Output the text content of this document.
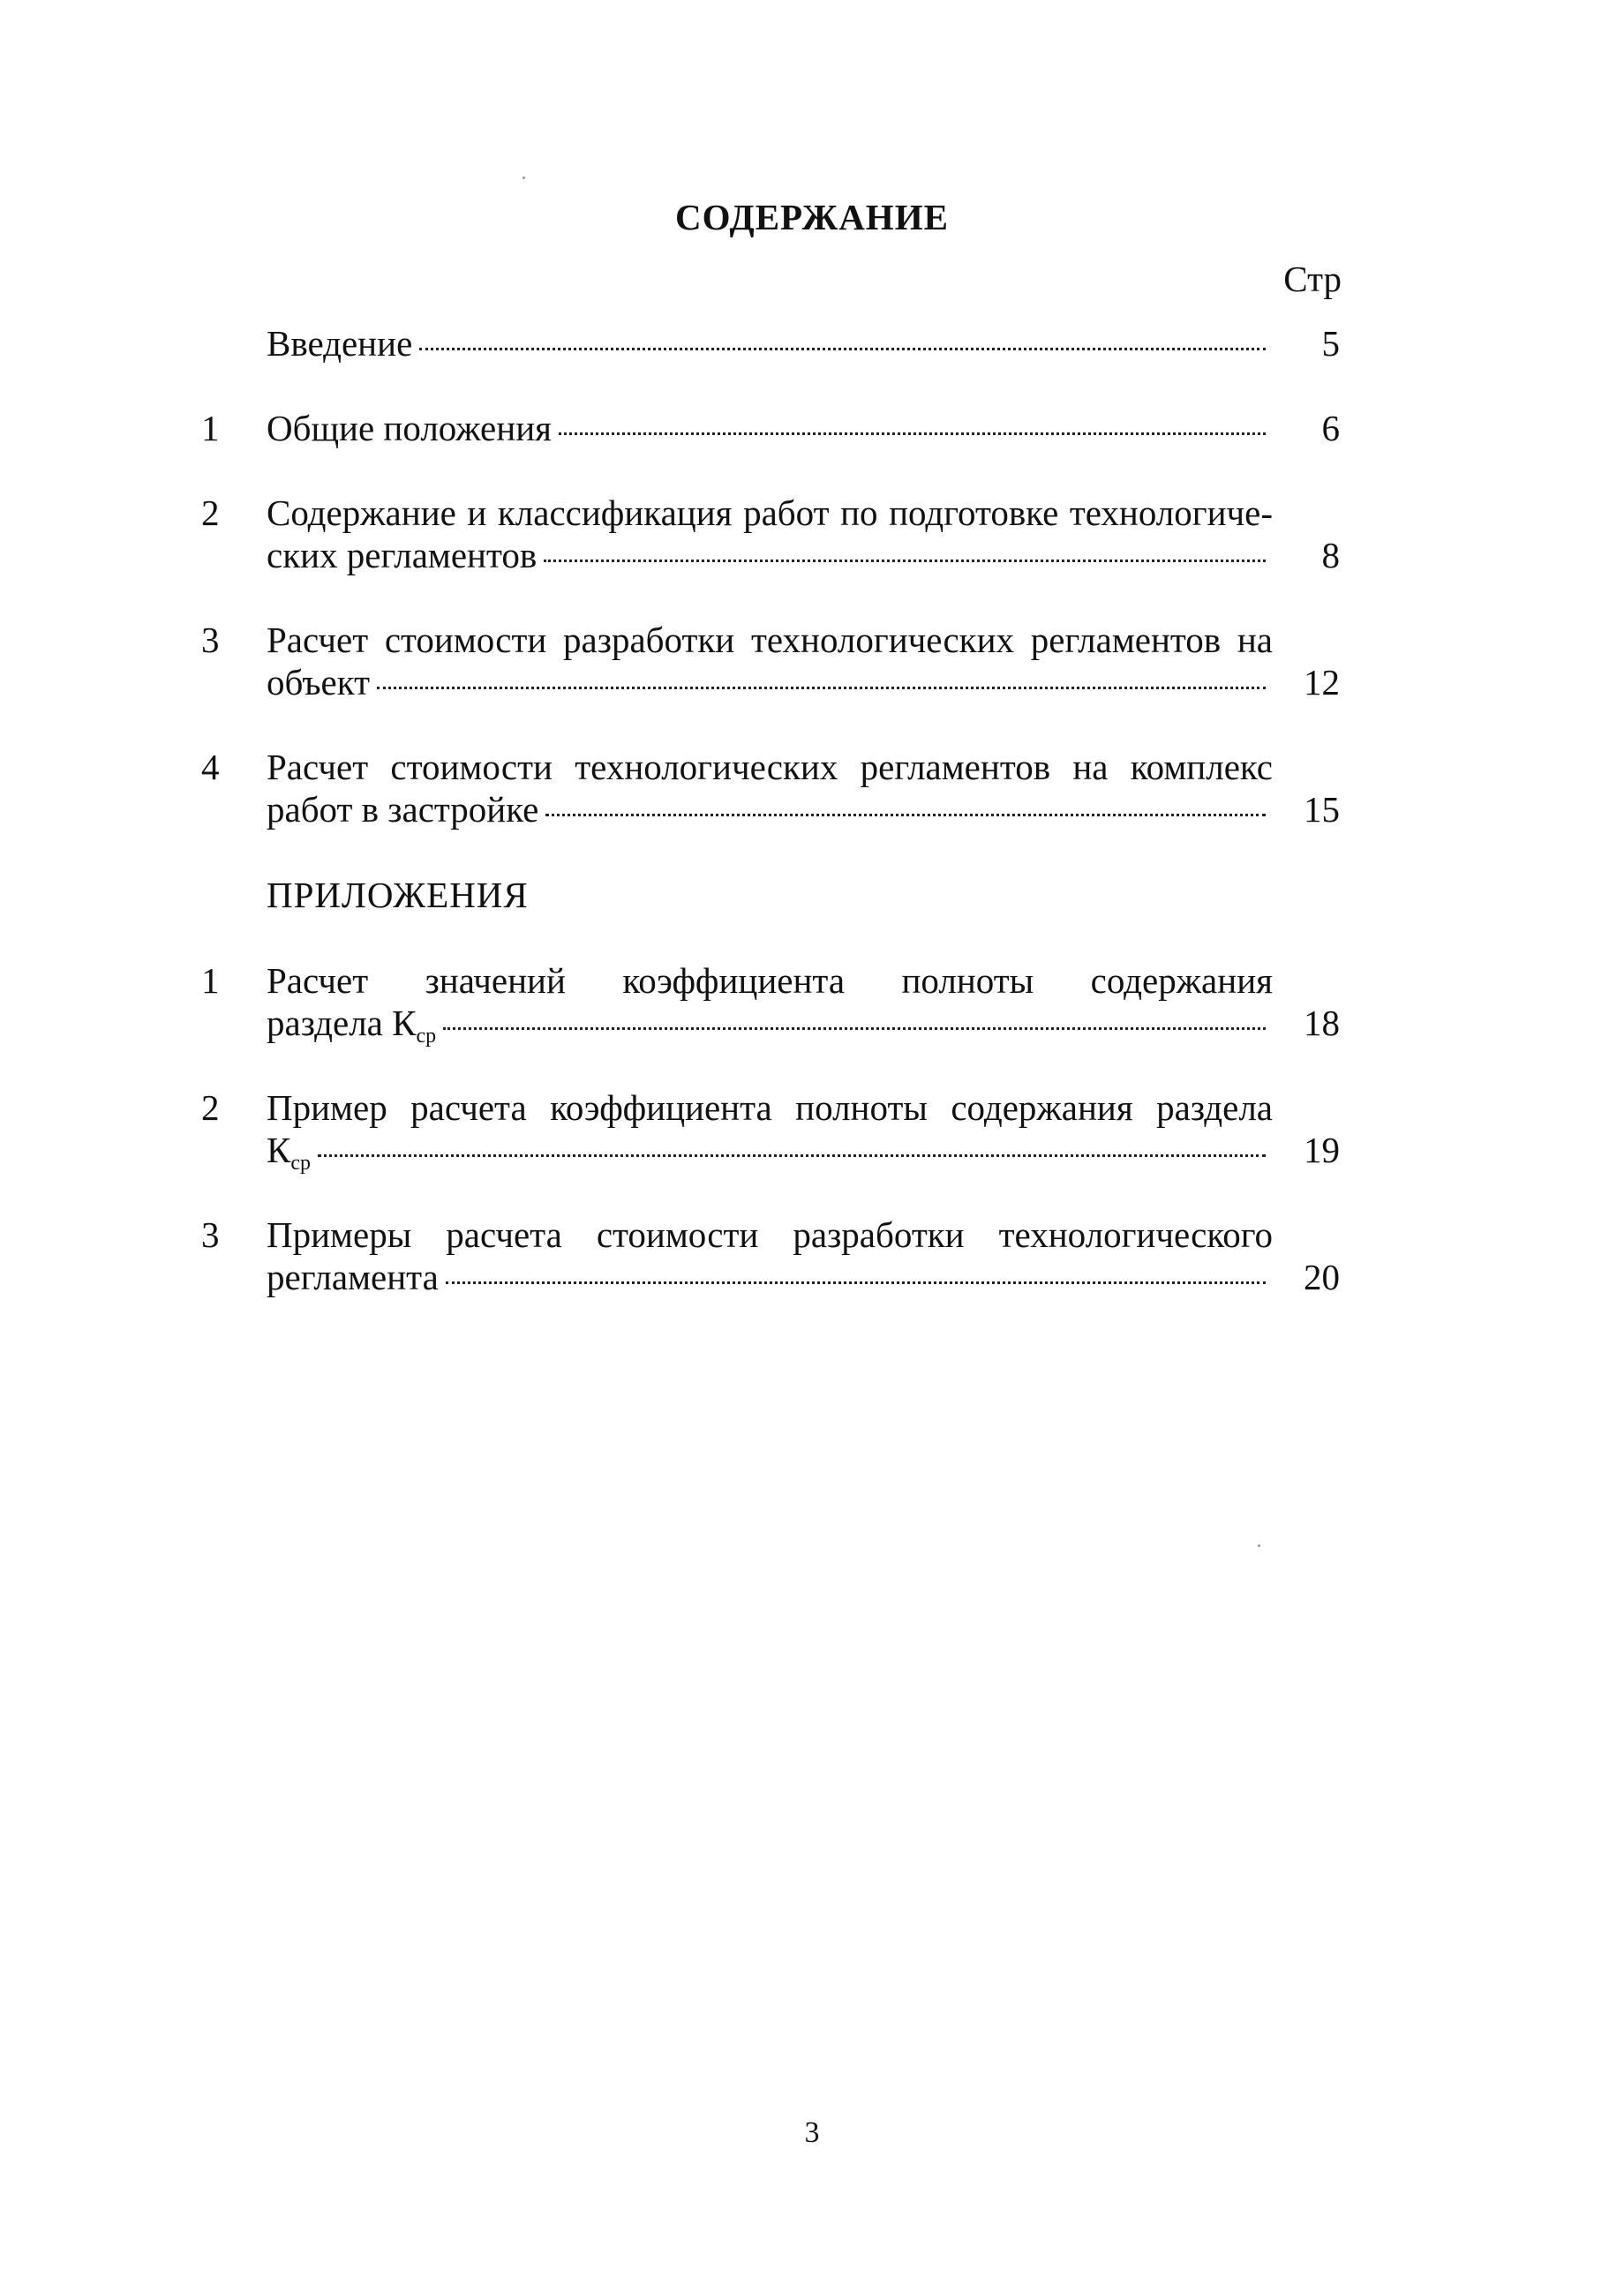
СОДЕРЖАНИЕ
Стр
Введение	5
1	Общие положения	6
2	Содержание и классификация работ по подготовке технологиче-
ских регламентов	8
3	Расчет стоимости разработки технологических регламентов на
объект	12
4	Расчет стоимости технологических регламентов на комплекс
работ в застройке	15
ПРИЛОЖЕНИЯ
1	Расчет значений коэффициента полноты содержания
раздела $К_{ср}$	18
2	Пример расчета коэффициента полноты содержания раздела
$К_{ср}$	19
3	Примеры расчета стоимости разработки технологического
регламента	20
3
